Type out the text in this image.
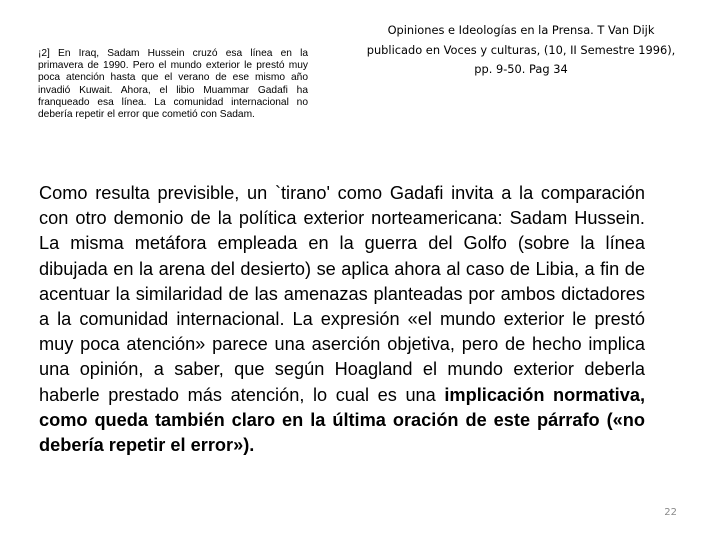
¡2] En Iraq, Sadam Hussein cruzó esa línea en la primavera de 1990. Pero el mundo exterior le prestó muy poca atención hasta que el verano de ese mismo año invadió Kuwait. Ahora, el libio Muammar Gadafi ha franqueado esa línea. La comunidad internacional no debería repetir el error que cometió con Sadam.
Opiniones e Ideologías en la Prensa. T Van Dijk
publicado en Voces y culturas, (10, II Semestre 1996),
pp. 9-50. Pag 34
Como resulta previsible, un `tirano' como Gadafi invita a la comparación con otro demonio de la política exterior norteamericana: Sadam Hussein. La misma metáfora empleada en la guerra del Golfo (sobre la línea dibujada en la arena del desierto) se aplica ahora al caso de Libia, a fin de acentuar la similaridad de las amenazas planteadas por ambos dictadores a la comunidad internacional. La expresión «el mundo exterior le prestó muy poca atención» parece una aserción objetiva, pero de hecho implica una opinión, a saber, que según Hoagland el mundo exterior deberla haberle prestado más atención, lo cual es una implicación normativa, como queda también claro en la última oración de este párrafo («no debería repetir el error»).
22
